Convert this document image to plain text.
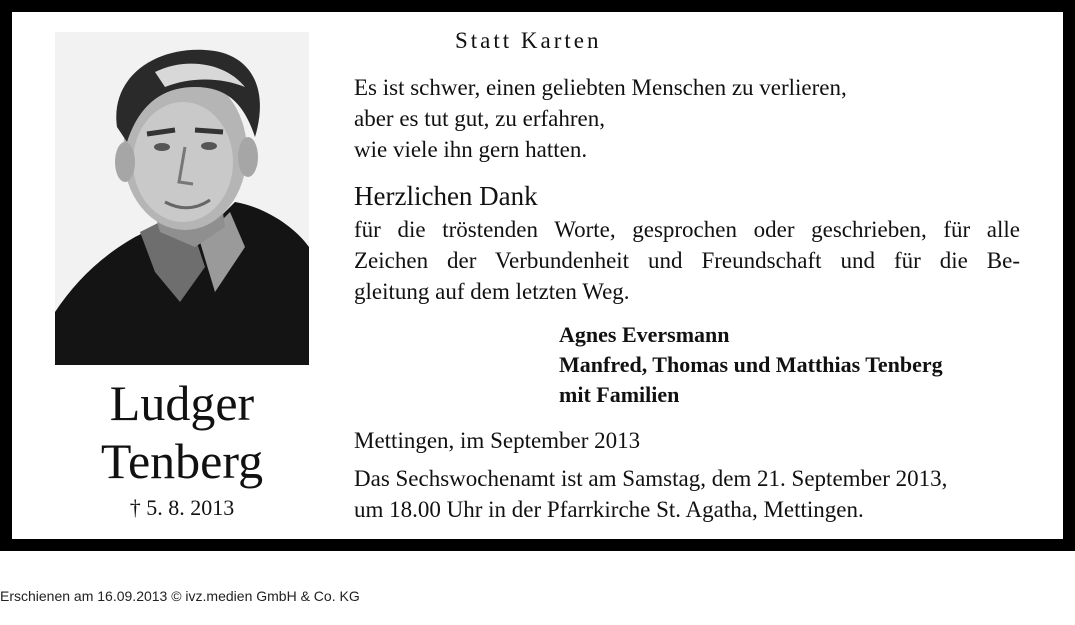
Ludger
Tenberg
† 5. 8. 2013
Statt Karten
Es ist schwer, einen geliebten Menschen zu verlieren,
aber es tut gut, zu erfahren,
wie viele ihn gern hatten.
Herzlichen Dank
für die tröstenden Worte, gesprochen oder geschrieben, für alle
Zeichen der Verbundenheit und Freundschaft und für die Be-
gleitung auf dem letzten Weg.
Agnes Eversmann
Manfred, Thomas und Matthias Tenberg
mit Familien
Mettingen, im September 2013
Das Sechswochenamt ist am Samstag, dem 21. September 2013,
um 18.00 Uhr in der Pfarrkirche St. Agatha, Mettingen.
Erschienen am 16.09.2013 © ivz.medien GmbH & Co. KG
